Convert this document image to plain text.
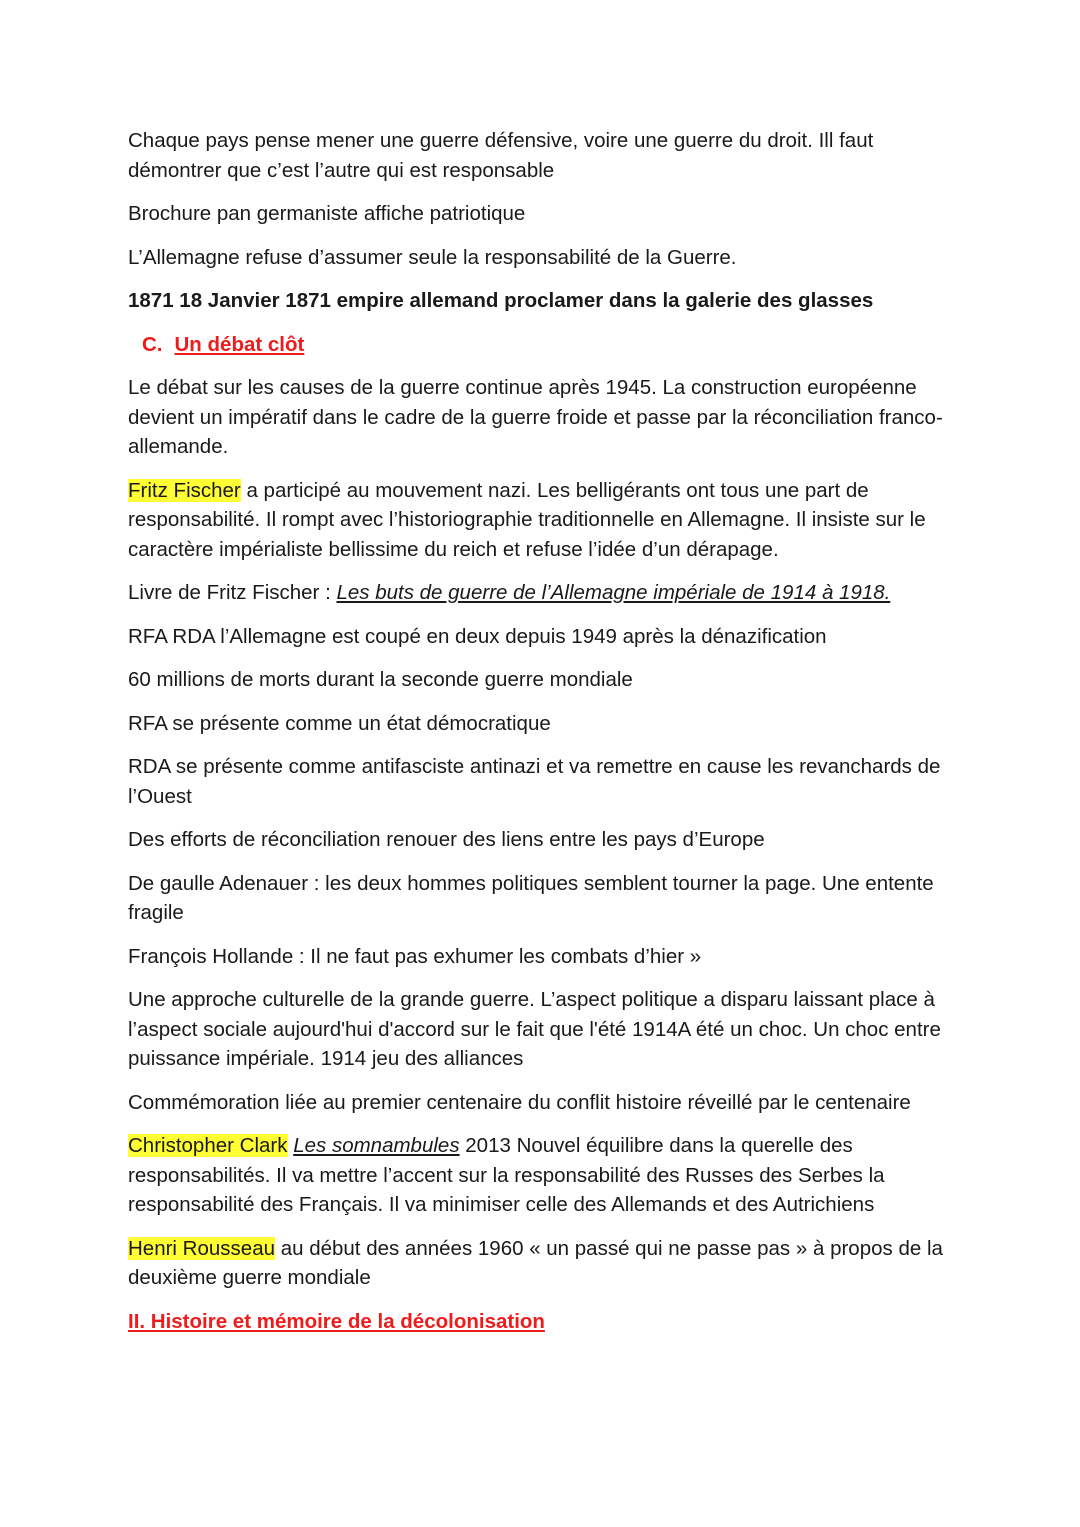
Chaque pays pense mener une guerre défensive, voire une guerre du droit. Ill faut démontrer que c’est l’autre qui est responsable

Brochure pan germaniste affiche patriotique

L’Allemagne refuse d’assumer seule la responsabilité de la Guerre.

1871 18 Janvier 1871 empire allemand proclamer dans la galerie des glasses

C. Un débat clôt

Le débat sur les causes de la guerre continue après 1945. La construction européenne devient un impératif dans le cadre de la guerre froide et passe par la réconciliation franco-allemande.

Fritz Fischer a participé au mouvement nazi. Les belligérants ont tous une part de responsabilité. Il rompt avec l’historiographie traditionnelle en Allemagne. Il insiste sur le caractère impérialiste bellissime du reich et refuse l’idée d’un dérapage.

Livre de Fritz Fischer : Les buts de guerre de l’Allemagne impériale de 1914 à 1918.

RFA RDA l’Allemagne est coupé en deux depuis 1949 après la dénazification

60 millions de morts durant la seconde guerre mondiale

RFA se présente comme un état démocratique

RDA se présente comme antifasciste antinazi et va remettre en cause les revanchards de l’Ouest

Des efforts de réconciliation renouer des liens entre les pays d’Europe

De gaulle Adenauer : les deux hommes politiques semblent tourner la page. Une entente fragile

François Hollande : Il ne faut pas exhumer les combats d’hier »

Une approche culturelle de la grande guerre. L’aspect politique a disparu laissant place à l’aspect sociale aujourd'hui d'accord sur le fait que l'été 1914A été un choc. Un choc entre puissance impériale. 1914 jeu des alliances

Commémoration liée au premier centenaire du conflit histoire réveillé par le centenaire

Christopher Clark Les somnambules 2013 Nouvel équilibre dans la querelle des responsabilités. Il va mettre l’accent sur la responsabilité des Russes des Serbes la responsabilité des Français. Il va minimiser celle des Allemands et des Autrichiens

Henri Rousseau au début des années 1960 « un passé qui ne passe pas » à propos de la deuxième guerre mondiale

II. Histoire et mémoire de la décolonisation
